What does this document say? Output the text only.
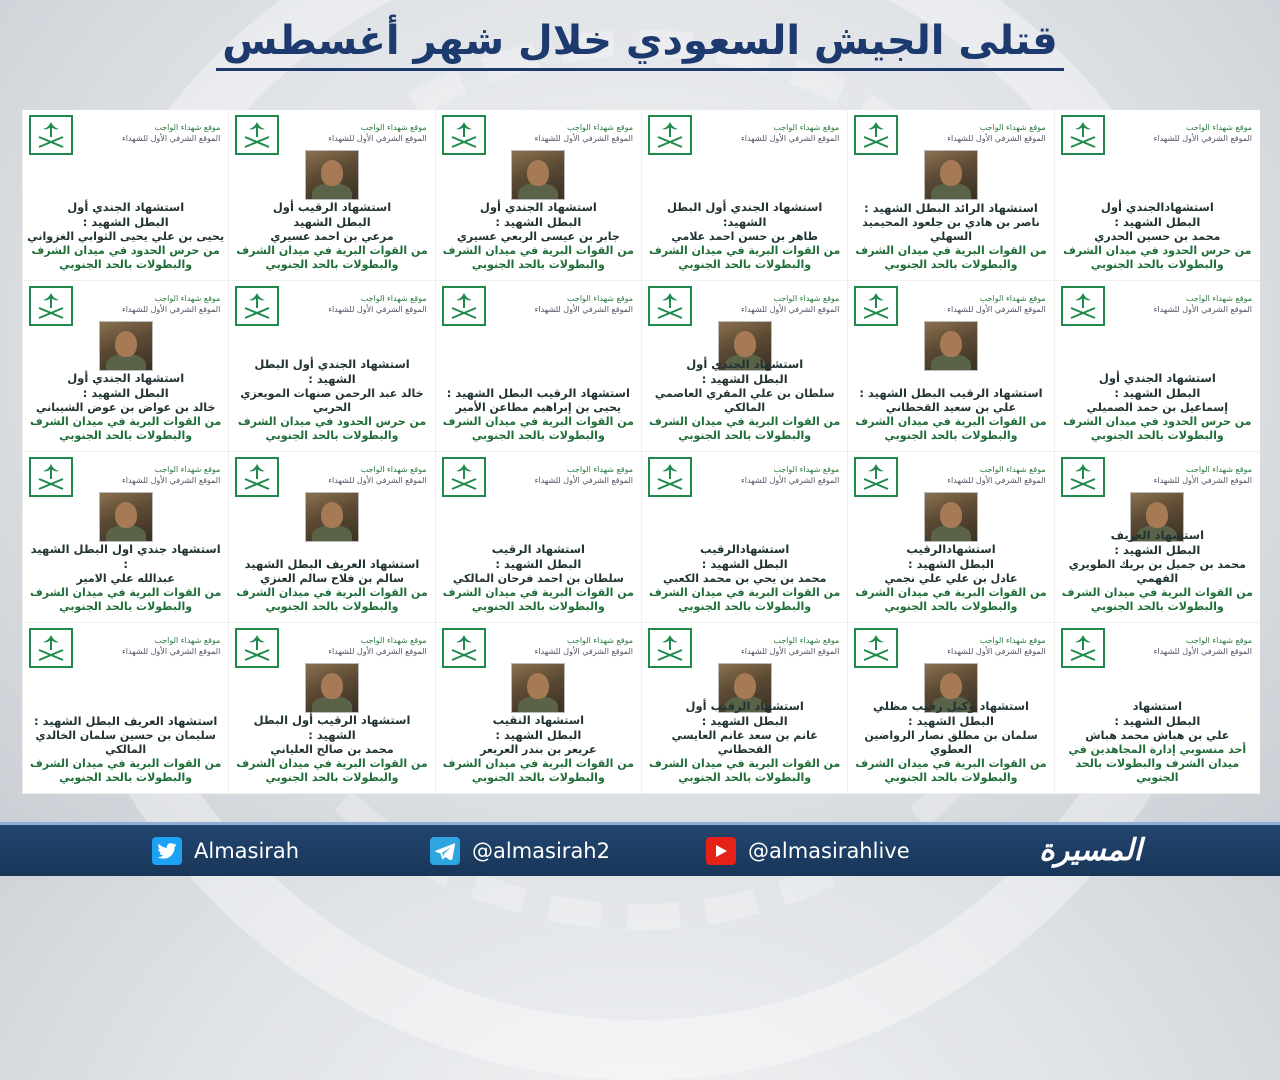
قتلى الجيش السعودي خلال شهر أغسطس
موقع شهداء الواجب
الموقع الشرفي الأول للشهداء
استشهادالجندي أول
البطل الشهيد :
محمد بن حسين الحدري
من حرس الحدود في ميدان الشرف والبطولات بالحد الجنوبي
موقع شهداء الواجب
الموقع الشرفي الأول للشهداء
استشهاد الرائد البطل الشهيد :
ناصر بن هادي بن جلعود المحيميد السهلي
من القوات البرية في ميدان الشرف والبطولات بالحد الجنوبي
موقع شهداء الواجب
الموقع الشرفي الأول للشهداء
استشهاد الجندي أول البطل الشهيد:
طاهر بن حسن احمد علامي
من القوات البرية في ميدان الشرف والبطولات بالحد الجنوبي
موقع شهداء الواجب
الموقع الشرفي الأول للشهداء
استشهاد الجندي أول
البطل الشهيد :
جابر بن عيسى الربعي عسيري
من القوات البرية في ميدان الشرف والبطولات بالحد الجنوبي
موقع شهداء الواجب
الموقع الشرفي الأول للشهداء
استشهاد الرقيب أول
البطل الشهيد
مرعي بن احمد عسيري
من القوات البرية في ميدان الشرف والبطولات بالحد الجنوبي
موقع شهداء الواجب
الموقع الشرفي الأول للشهداء
استشهاد الجندي أول
البطل الشهيد :
يحيى بن علي يحيى الثوابي الغزواني
من حرس الحدود في ميدان الشرف والبطولات بالحد الجنوبي
موقع شهداء الواجب
الموقع الشرفي الأول للشهداء
استشهاد الجندي أول
البطل الشهيد :
إسماعيل بن حمد الصميلي
من حرس الحدود في ميدان الشرف والبطولات بالحد الجنوبي
موقع شهداء الواجب
الموقع الشرفي الأول للشهداء
استشهاد الرقيب البطل الشهيد :
علي بن سعيد القحطاني
من القوات البرية في ميدان الشرف والبطولات بالحد الجنوبي
موقع شهداء الواجب
الموقع الشرفي الأول للشهداء
استشهاد الجندي أول
البطل الشهيد :
سلطان بن علي المقري العاصمي المالكي
من القوات البرية في ميدان الشرف والبطولات بالحد الجنوبي
موقع شهداء الواجب
الموقع الشرفي الأول للشهداء
استشهاد الرقيب البطل الشهيد :
يحيى بن إبراهيم مطاعن الأمير
من القوات البرية في ميدان الشرف والبطولات بالحد الجنوبي
موقع شهداء الواجب
الموقع الشرفي الأول للشهداء
استشهاد الجندي أول البطل الشهيد :
خالد عبد الرحمن صنهات المويعزي الحربي
من حرس الحدود في ميدان الشرف والبطولات بالحد الجنوبي
موقع شهداء الواجب
الموقع الشرفي الأول للشهداء
استشهاد الجندي أول
البطل الشهيد :
خالد بن عواض بن عوض الشيباني
من القوات البرية في ميدان الشرف والبطولات بالحد الجنوبي
موقع شهداء الواجب
الموقع الشرفي الأول للشهداء
استشهاد العريف
البطل الشهيد :
محمد بن جميل بن بريك الطويري الفهمي
من القوات البرية في ميدان الشرف والبطولات بالحد الجنوبي
موقع شهداء الواجب
الموقع الشرفي الأول للشهداء
استشهادالرقيب
البطل الشهيد :
عادل بن علي علي نجمي
من القوات البرية في ميدان الشرف والبطولات بالحد الجنوبي
موقع شهداء الواجب
الموقع الشرفي الأول للشهداء
استشهادالرقيب
البطل الشهيد :
محمد بن يحي بن محمد الكعبي
من القوات البرية في ميدان الشرف والبطولات بالحد الجنوبي
موقع شهداء الواجب
الموقع الشرفي الأول للشهداء
استشهاد الرقيب
البطل الشهيد :
سلطان بن احمد فرحان المالكي
من القوات البرية في ميدان الشرف والبطولات بالحد الجنوبي
موقع شهداء الواجب
الموقع الشرفي الأول للشهداء
استشهاد العريف البطل الشهيد
سالم بن فلاح سالم العنزي
من القوات البرية في ميدان الشرف والبطولات بالحد الجنوبي
موقع شهداء الواجب
الموقع الشرفي الأول للشهداء
استشهاد جندي اول البطل الشهيد :
عبدالله علي الامير
من القوات البرية في ميدان الشرف والبطولات بالحد الجنوبي
موقع شهداء الواجب
الموقع الشرفي الأول للشهداء
استشهاد
البطل الشهيد :
علي بن هباش محمد هباش
أحد منسوبي إدارة المجاهدين في ميدان الشرف والبطولات بالحد الجنوبي
موقع شهداء الواجب
الموقع الشرفي الأول للشهداء
استشهاد وكيل رقيب مظلي
البطل الشهيد :
سلمان بن مطلق نصار الرواضين العطوي
من القوات البرية في ميدان الشرف والبطولات بالحد الجنوبي
موقع شهداء الواجب
الموقع الشرفي الأول للشهداء
استشهاد الرقيب أول
البطل الشهيد :
غانم بن سعد غانم العايسي القحطاني
من القوات البرية في ميدان الشرف والبطولات بالحد الجنوبي
موقع شهداء الواجب
الموقع الشرفي الأول للشهداء
استشهاد النقيب
البطل الشهيد :
عريعر بن بندر العريعر
من القوات البرية في ميدان الشرف والبطولات بالحد الجنوبي
موقع شهداء الواجب
الموقع الشرفي الأول للشهداء
استشهاد الرقيب أول البطل الشهيد :
محمد بن صالح العلياني
من القوات البرية في ميدان الشرف والبطولات بالحد الجنوبي
موقع شهداء الواجب
الموقع الشرفي الأول للشهداء
استشهاد العريف البطل الشهيد :
سليمان بن حسين سلمان الخالدي المالكي
من القوات البرية في ميدان الشرف والبطولات بالحد الجنوبي
Almasirah	@almasirah2	@almasirahlive	المسيرة
